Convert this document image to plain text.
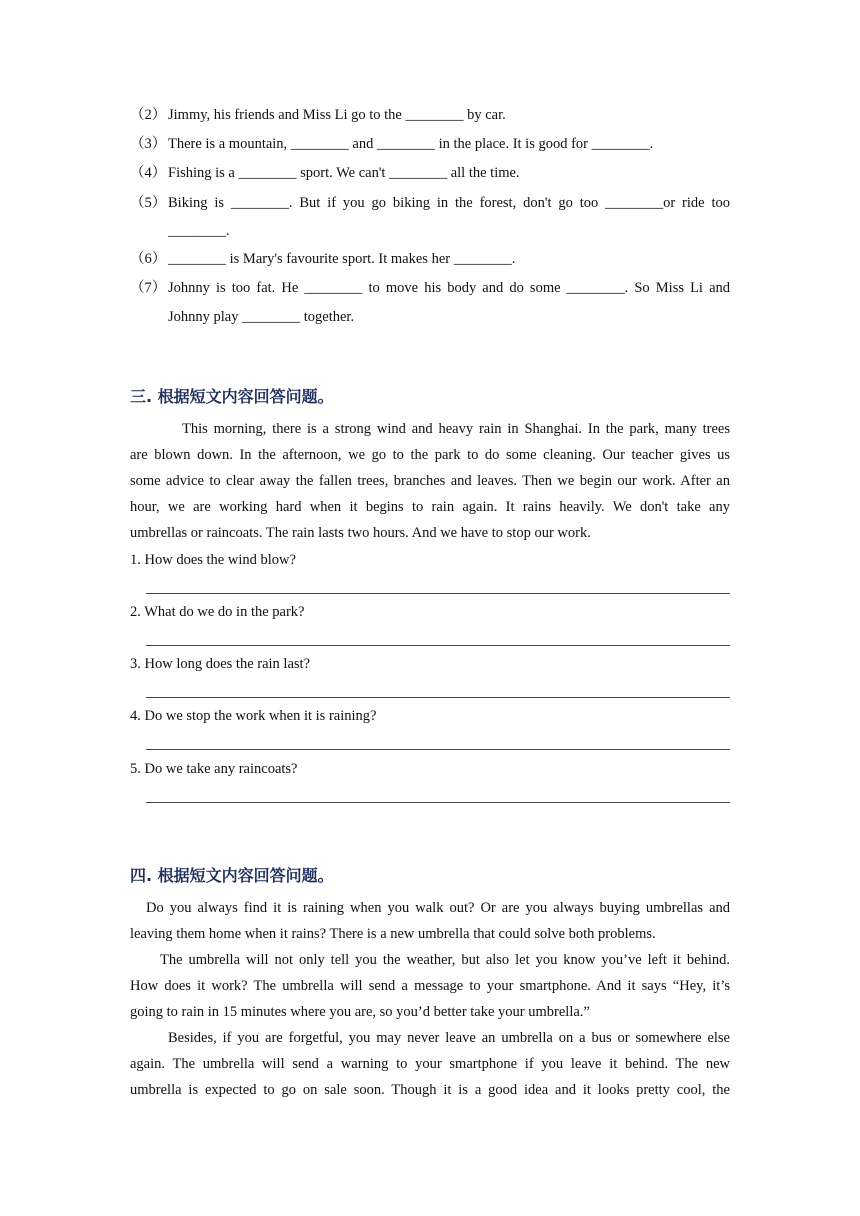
（2） Jimmy, his friends and Miss Li go to the ________ by car.
（3） There is a mountain, ________ and ________ in the place. It is good for ________.
（4） Fishing is a ________ sport. We can't ________ all the time.
（5） Biking is ________. But if you go biking in the forest, don't go too ________or ride too
________.
（6） ________ is Mary's favourite sport. It makes her ________.
（7） Johnny is too fat. He ________ to move his body and do some ________. So Miss Li and
Johnny play ________ together.
三. 根据短文内容回答问题。
This morning, there is a strong wind and heavy rain in Shanghai. In the park, many trees
are blown down. In the afternoon, we go to the park to do some cleaning. Our teacher gives us
some advice to clear away the fallen trees, branches and leaves. Then we begin our work. After an
hour, we are working hard when it begins to rain again. It rains heavily. We don't take any
umbrellas or raincoats. The rain lasts two hours. And we have to stop our work.
1. How does the wind blow?
2. What do we do in the park?
3. How long does the rain last?
4. Do we stop the work when it is raining?
5. Do we take any raincoats?
四. 根据短文内容回答问题。
Do you always find it is raining when you walk out? Or are you always buying umbrellas and
leaving them home when it rains? There is a new umbrella that could solve both problems.
The umbrella will not only tell you the weather, but also let you know you’ve left it behind.
How does it work? The umbrella will send a message to your smartphone. And it says “Hey, it’s
going to rain in 15 minutes where you are, so you’d better take your umbrella.”
Besides, if you are forgetful, you may never leave an umbrella on a bus or somewhere else
again. The umbrella will send a warning to your smartphone if you leave it behind. The new
umbrella is expected to go on sale soon. Though it is a good idea and it looks pretty cool, the
